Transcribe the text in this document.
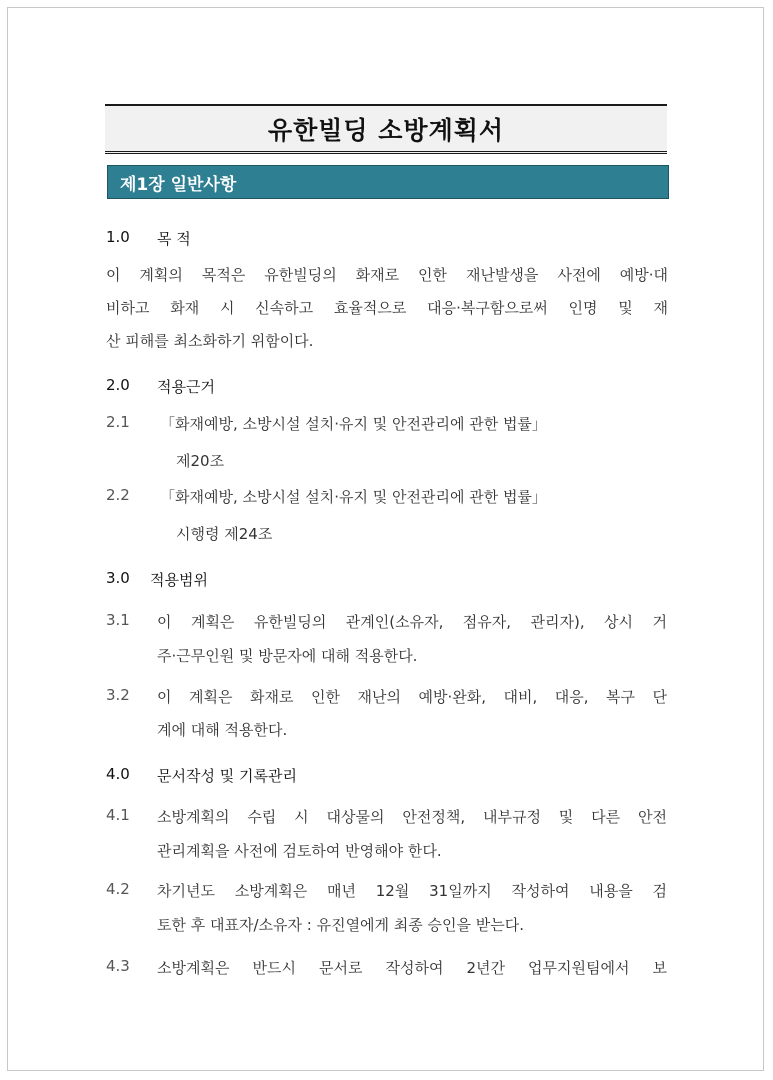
유한빌딩 소방계획서
제1장 일반사항
1.0 목 적
이 계획의 목적은 유한빌딩의 화재로 인한 재난발생을 사전에 예방·대
비하고 화재 시 신속하고 효율적으로 대응·복구함으로써 인명 및 재
산 피해를 최소화하기 위함이다.
2.0 적용근거
2.1 「화재예방, 소방시설 설치·유지 및 안전관리에 관한 법률」
제20조
2.2 「화재예방, 소방시설 설치·유지 및 안전관리에 관한 법률」
시행령 제24조
3.0 적용범위
3.1 이 계획은 유한빌딩의 관계인(소유자, 점유자, 관리자), 상시 거
주·근무인원 및 방문자에 대해 적용한다.
3.2 이 계획은 화재로 인한 재난의 예방·완화, 대비, 대응, 복구 단
계에 대해 적용한다.
4.0 문서작성 및 기록관리
4.1 소방계획의 수립 시 대상물의 안전정책, 내부규정 및 다른 안전
관리계획을 사전에 검토하여 반영해야 한다.
4.2 차기년도 소방계획은 매년 12월 31일까지 작성하여 내용을 검
토한 후 대표자/소유자 : 유진열에게 최종 승인을 받는다.
4.3 소방계획은 반드시 문서로 작성하여 2년간 업무지원팀에서 보
